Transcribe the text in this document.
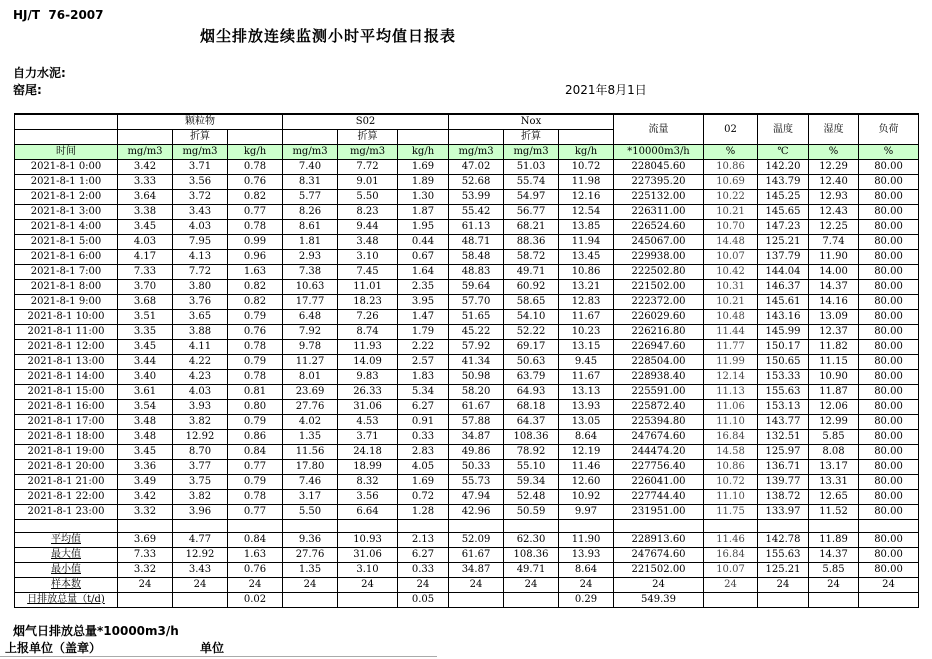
HJ/T  76-2007
烟尘排放连续监测小时平均值日报表
自力水泥:
窑尾:	2021年8月1日
	颗粒物			S02			Nox			流量	02	温度	湿度	负荷
		折算			折算			折算						
时间	mg/m3	mg/m3	kg/h	mg/m3	mg/m3	kg/h	mg/m3	mg/m3	kg/h	*10000m3/h	%	℃	%	%
2021-8-1 0:00	3.42	3.71	0.78	7.40	7.72	1.69	47.02	51.03	10.72	228045.60	10.86	142.20	12.29	80.00
2021-8-1 1:00	3.33	3.56	0.76	8.31	9.01	1.89	52.68	55.74	11.98	227395.20	10.69	143.79	12.40	80.00
2021-8-1 2:00	3.64	3.72	0.82	5.77	5.50	1.30	53.99	54.97	12.16	225132.00	10.22	145.25	12.93	80.00
2021-8-1 3:00	3.38	3.43	0.77	8.26	8.23	1.87	55.42	56.77	12.54	226311.00	10.21	145.65	12.43	80.00
2021-8-1 4:00	3.45	4.03	0.78	8.61	9.44	1.95	61.13	68.21	13.85	226524.60	10.70	147.23	12.25	80.00
2021-8-1 5:00	4.03	7.95	0.99	1.81	3.48	0.44	48.71	88.36	11.94	245067.00	14.48	125.21	7.74	80.00
2021-8-1 6:00	4.17	4.13	0.96	2.93	3.10	0.67	58.48	58.72	13.45	229938.00	10.07	137.79	11.90	80.00
2021-8-1 7:00	7.33	7.72	1.63	7.38	7.45	1.64	48.83	49.71	10.86	222502.80	10.42	144.04	14.00	80.00
2021-8-1 8:00	3.70	3.80	0.82	10.63	11.01	2.35	59.64	60.92	13.21	221502.00	10.31	146.37	14.37	80.00
2021-8-1 9:00	3.68	3.76	0.82	17.77	18.23	3.95	57.70	58.65	12.83	222372.00	10.21	145.61	14.16	80.00
2021-8-1 10:00	3.51	3.65	0.79	6.48	7.26	1.47	51.65	54.10	11.67	226029.60	10.48	143.16	13.09	80.00
2021-8-1 11:00	3.35	3.88	0.76	7.92	8.74	1.79	45.22	52.22	10.23	226216.80	11.44	145.99	12.37	80.00
2021-8-1 12:00	3.45	4.11	0.78	9.78	11.93	2.22	57.92	69.17	13.15	226947.60	11.77	150.17	11.82	80.00
2021-8-1 13:00	3.44	4.22	0.79	11.27	14.09	2.57	41.34	50.63	9.45	228504.00	11.99	150.65	11.15	80.00
2021-8-1 14:00	3.40	4.23	0.78	8.01	9.83	1.83	50.98	63.79	11.67	228938.40	12.14	153.33	10.90	80.00
2021-8-1 15:00	3.61	4.03	0.81	23.69	26.33	5.34	58.20	64.93	13.13	225591.00	11.13	155.63	11.87	80.00
2021-8-1 16:00	3.54	3.93	0.80	27.76	31.06	6.27	61.67	68.18	13.93	225872.40	11.06	153.13	12.06	80.00
2021-8-1 17:00	3.48	3.82	0.79	4.02	4.53	0.91	57.88	64.37	13.05	225394.80	11.10	143.77	12.99	80.00
2021-8-1 18:00	3.48	12.92	0.86	1.35	3.71	0.33	34.87	108.36	8.64	247674.60	16.84	132.51	5.85	80.00
2021-8-1 19:00	3.45	8.70	0.84	11.56	24.18	2.83	49.86	78.92	12.19	244474.20	14.58	125.97	8.08	80.00
2021-8-1 20:00	3.36	3.77	0.77	17.80	18.99	4.05	50.33	55.10	11.46	227756.40	10.86	136.71	13.17	80.00
2021-8-1 21:00	3.49	3.75	0.79	7.46	8.32	1.69	55.73	59.34	12.60	226041.00	10.72	139.77	13.31	80.00
2021-8-1 22:00	3.42	3.82	0.78	3.17	3.56	0.72	47.94	52.48	10.92	227744.40	11.10	138.72	12.65	80.00
2021-8-1 23:00	3.32	3.96	0.77	5.50	6.64	1.28	42.96	50.59	9.97	231951.00	11.75	133.97	11.52	80.00

平均值	3.69	4.77	0.84	9.36	10.93	2.13	52.09	62.30	11.90	228913.60	11.46	142.78	11.89	80.00
最大值	7.33	12.92	1.63	27.76	31.06	6.27	61.67	108.36	13.93	247674.60	16.84	155.63	14.37	80.00
最小值	3.32	3.43	0.76	1.35	3.10	0.33	34.87	49.71	8.64	221502.00	10.07	125.21	5.85	80.00
样本数	24	24	24	24	24	24	24	24	24	24	24	24	24	24
日排放总量（t/d)			0.02			0.05			0.29	549.39				
烟气日排放总量*10000m3/h
上报单位（盖章）	单位
